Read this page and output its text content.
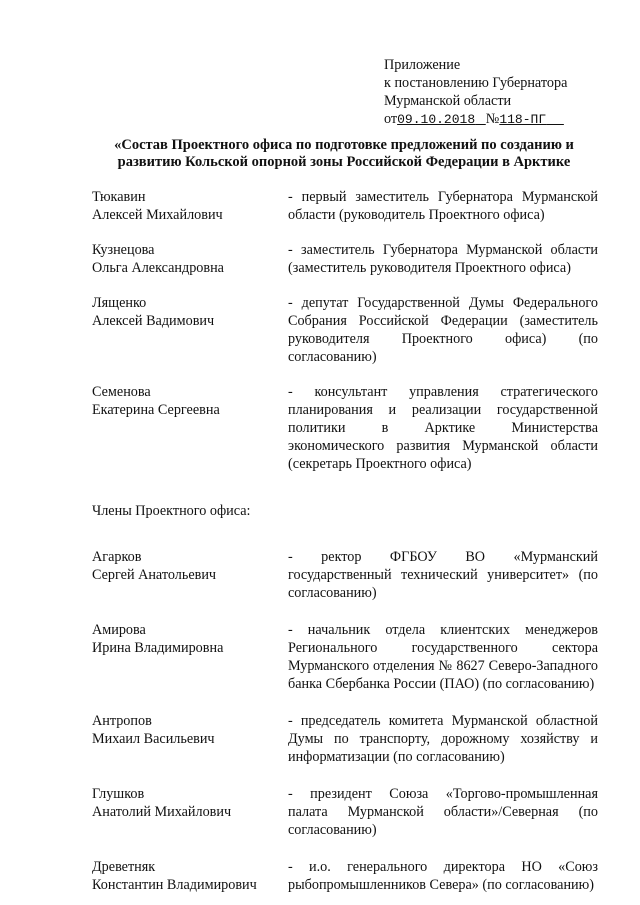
Приложение
к постановлению Губернатора
Мурманской области
от09.10.2018 №118-ПГ
«Состав Проектного офиса по подготовке предложений по созданию и
развитию Кольской опорной зоны Российской Федерации в Арктике
Тюкавин
Алексей Михайлович
- первый заместитель Губернатора Мурманской области (руководитель Проектного офиса)
Кузнецова
Ольга Александровна
- заместитель Губернатора Мурманской области (заместитель руководителя Проектного офиса)
Лященко
Алексей Вадимович
- депутат Государственной Думы Федерального Собрания Российской Федерации (заместитель руководителя Проектного офиса) (по согласованию)
Семенова
Екатерина Сергеевна
- консультант управления стратегического планирования и реализации государственной политики в Арктике Министерства экономического развития Мурманской области (секретарь Проектного офиса)
Члены Проектного офиса:
Агарков
Сергей Анатольевич
- ректор ФГБОУ ВО «Мурманский государственный технический университет» (по согласованию)
Амирова
Ирина Владимировна
- начальник отдела клиентских менеджеров Регионального государственного сектора Мурманского отделения № 8627 Северо-Западного банка Сбербанка России (ПАО) (по согласованию)
Антропов
Михаил Васильевич
- председатель комитета Мурманской областной Думы по транспорту, дорожному хозяйству и информатизации (по согласованию)
Глушков
Анатолий Михайлович
- президент Союза «Торгово-промышленная палата Мурманской области»/Северная (по согласованию)
Древетняк
Константин Владимирович
- и.о. генерального директора НО «Союз рыбопромышленников Севера» (по согласованию)
